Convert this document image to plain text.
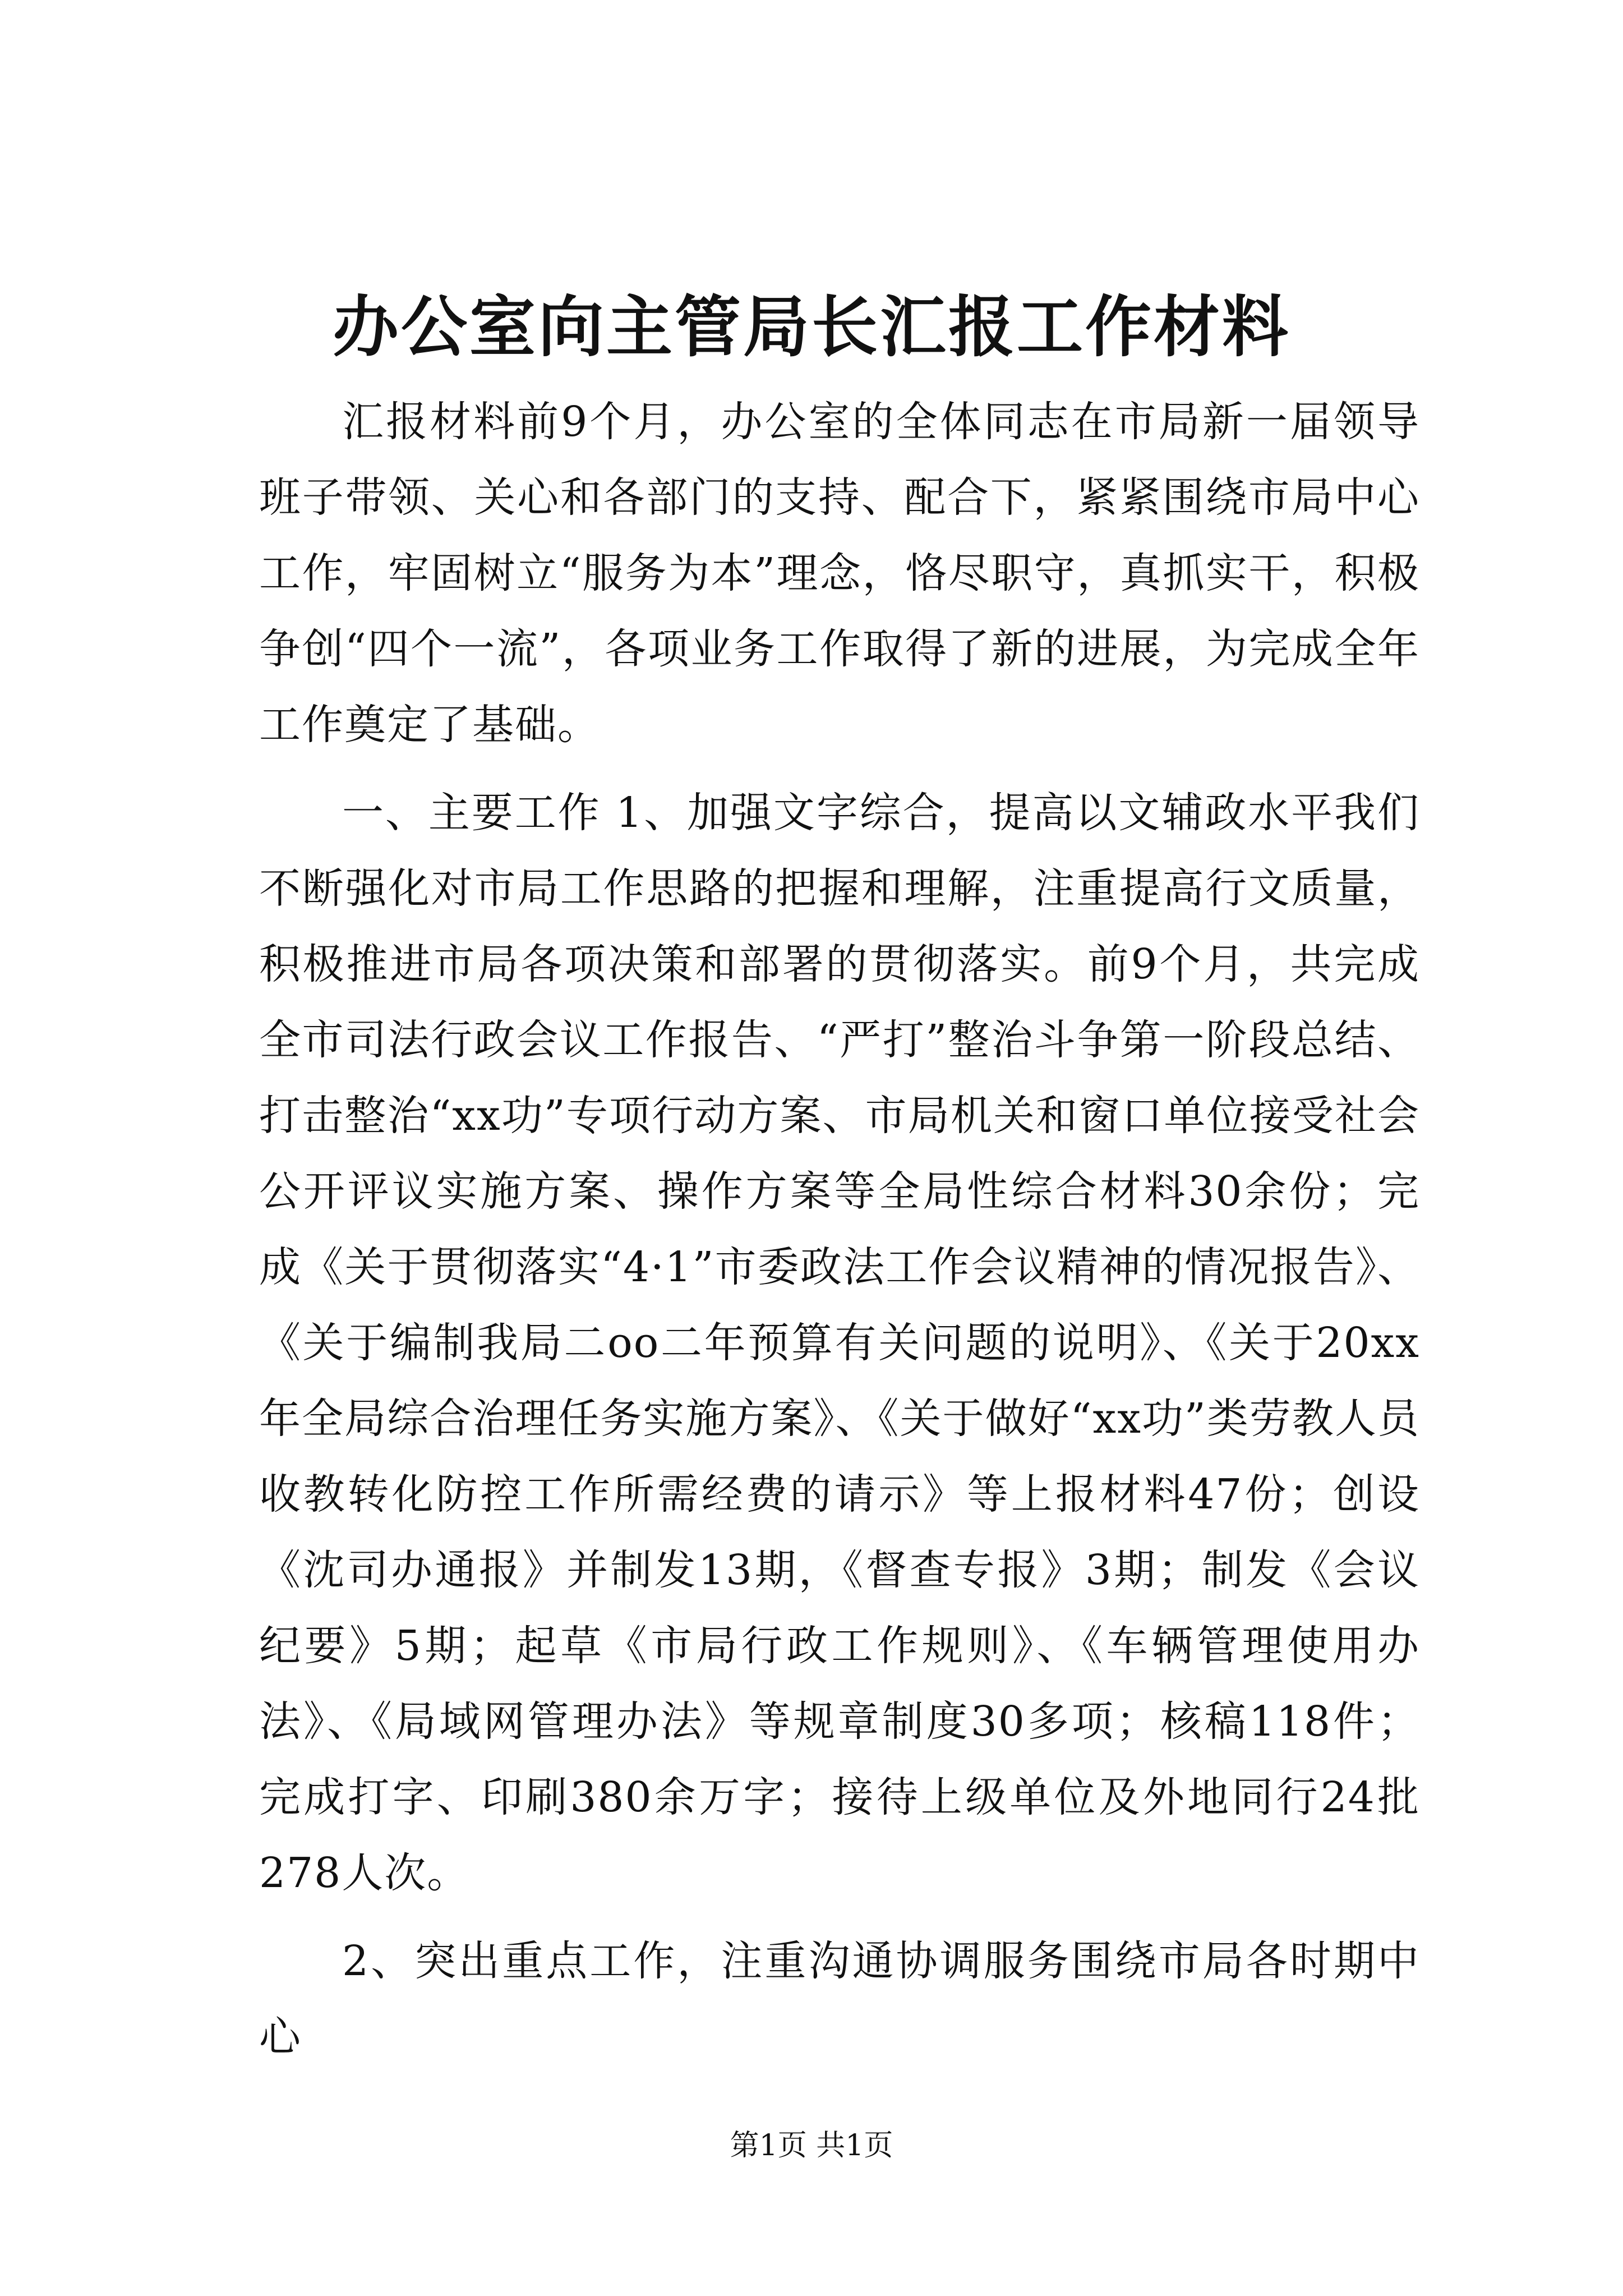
办公室向主管局长汇报工作材料

汇报材料前9个月，办公室的全体同志在市局新一届领导班子带领、关心和各部门的支持、配合下，紧紧围绕市局中心工作，牢固树立“服务为本”理念，恪尽职守，真抓实干，积极争创“四个一流”，各项业务工作取得了新的进展，为完成全年工作奠定了基础。

一、主要工作 1、加强文字综合，提高以文辅政水平我们不断强化对市局工作思路的把握和理解，注重提高行文质量，积极推进市局各项决策和部署的贯彻落实。前9个月，共完成全市司法行政会议工作报告、“严打”整治斗争第一阶段总结、打击整治“xx功”专项行动方案、市局机关和窗口单位接受社会公开评议实施方案、操作方案等全局性综合材料30余份；完成《关于贯彻落实“4·1”市委政法工作会议精神的情况报告》、《关于编制我局二oo二年预算有关问题的说明》、《关于20xx年全局综合治理任务实施方案》、《关于做好“xx功”类劳教人员收教转化防控工作所需经费的请示》等上报材料47份；创设《沈司办通报》并制发13期，《督查专报》3期；制发《会议纪要》5期；起草《市局行政工作规则》、《车辆管理使用办法》、《局域网管理办法》等规章制度30多项；核稿118件；完成打字、印刷380余万字；接待上级单位及外地同行24批278人次。

2、突出重点工作，注重沟通协调服务围绕市局各时期中心

第1页 共1页
